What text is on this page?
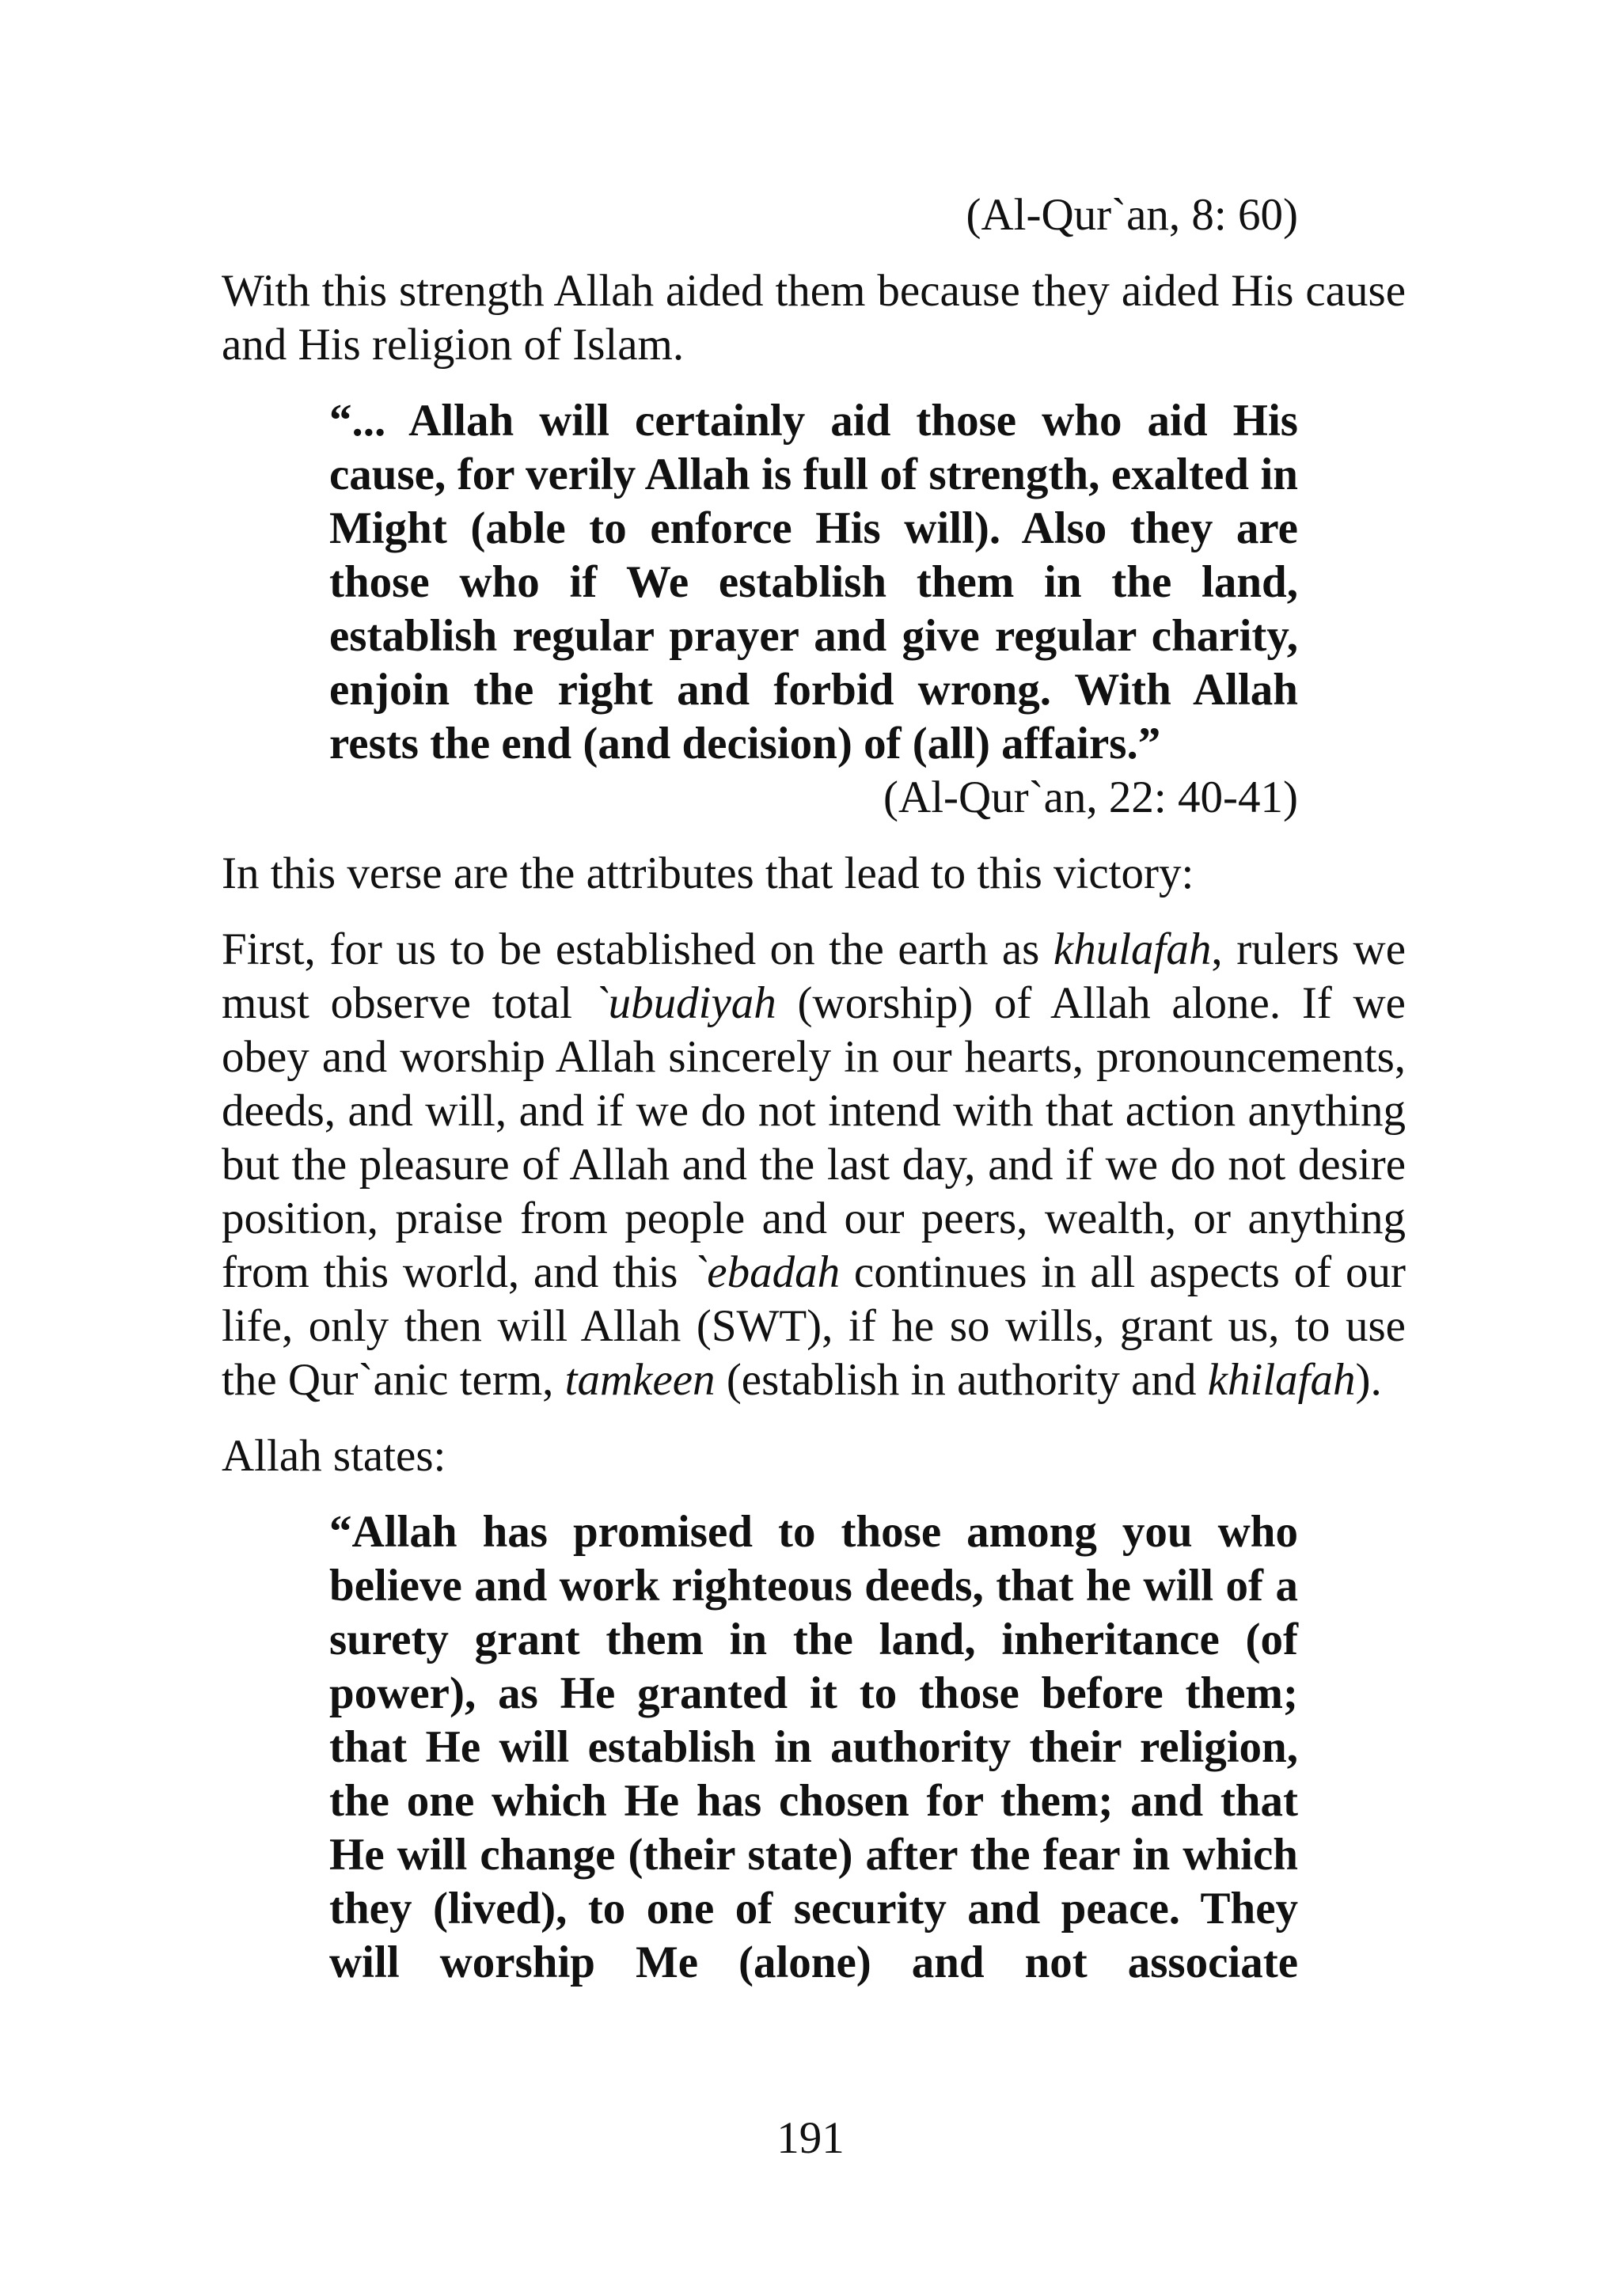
(Al-Qur`an, 8: 60)

With this strength Allah aided them because they aided His cause and His religion of Islam.

“... Allah will certainly aid those who aid His cause, for verily Allah is full of strength, exalted in Might (able to enforce His will). Also they are those who if We establish them in the land, establish regular prayer and give regular charity, enjoin the right and forbid wrong. With Allah rests the end (and decision) of (all) affairs.”

(Al-Qur`an, 22: 40-41)

In this verse are the attributes that lead to this victory:

First, for us to be established on the earth as khulafah, rulers we must observe total `ubudiyah (worship) of Allah alone. If we obey and worship Allah sincerely in our hearts, pronouncements, deeds, and will, and if we do not intend with that action anything but the pleasure of Allah and the last day, and if we do not desire position, praise from people and our peers, wealth, or anything from this world, and this `ebadah continues in all aspects of our life, only then will Allah (SWT), if he so wills, grant us, to use the Qur`anic term, tamkeen (establish in authority and khilafah).

Allah states:

“Allah has promised to those among you who believe and work righteous deeds, that he will of a surety grant them in the land, inheritance (of power), as He granted it to those before them; that He will establish in authority their religion, the one which He has chosen for them; and that He will change (their state) after the fear in which they (lived), to one of security and peace. They will worship Me (alone) and not associate

191
